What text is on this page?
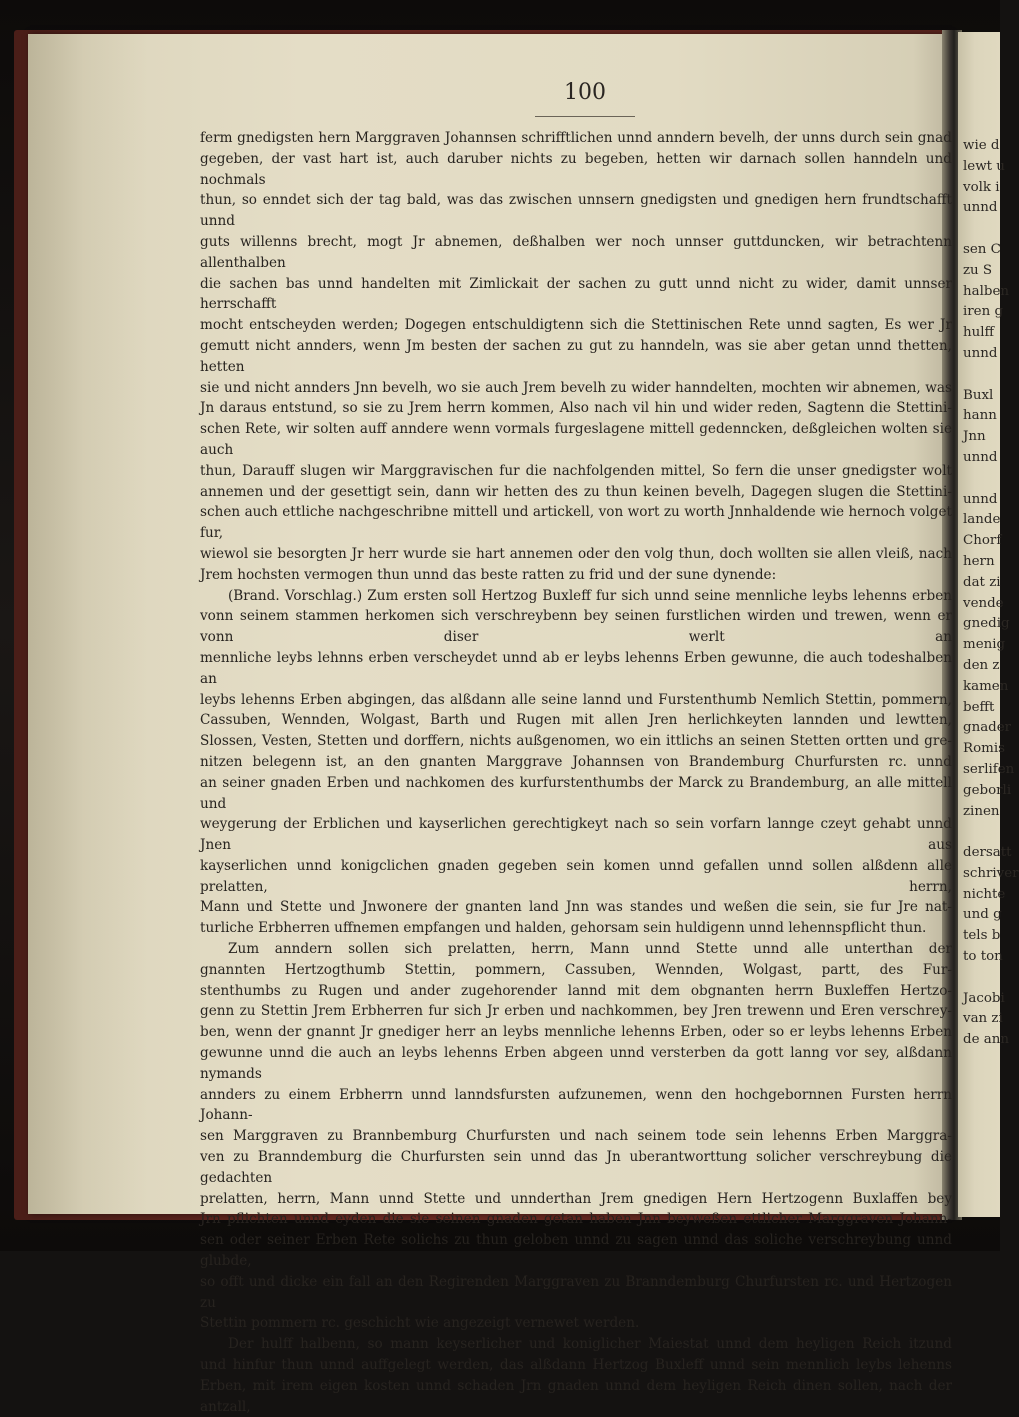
100

ferm gnedigsten hern Marggraven Johannsen schrifftlichen unnd anndern bevelh, der unns durch sein gnad

gegeben, der vast hart ist, auch daruber nichts zu begeben, hetten wir darnach sollen hanndeln und nochmals

thun, so enndet sich der tag bald, was das zwischen unnsern gnedigsten und gnedigen hern frundtschafft unnd

guts willenns brecht, mogt Jr abnemen, deßhalben wer noch unnser guttduncken, wir betrachtenn allenthalben

die sachen bas unnd handelten mit Zimlickait der sachen zu gutt unnd nicht zu wider, damit unnser herrschafft

mocht entscheyden werden; Dogegen entschuldigtenn sich die Stettinischen Rete unnd sagten, Es wer Jr

gemutt nicht annders, wenn Jm besten der sachen zu gut zu hanndeln, was sie aber getan unnd thetten, hetten

sie und nicht annders Jnn bevelh, wo sie auch Jrem bevelh zu wider hanndelten, mochten wir abnemen, was

Jn daraus entstund, so sie zu Jrem herrn kommen, Also nach vil hin und wider reden, Sagtenn die Stettini-

schen Rete, wir solten auff anndere wenn vormals furgeslagene mittell gedenncken, deßgleichen wolten sie auch

thun, Darauff slugen wir Marggravischen fur die nachfolgenden mittel, So fern die unser gnedigster wolt

annemen und der gesettigt sein, dann wir hetten des zu thun keinen bevelh, Dagegen slugen die Stettini-

schen auch ettliche nachgeschribne mittell und artickell, von wort zu worth Jnnhaldende wie hernoch volget fur,

wiewol sie besorgten Jr herr wurde sie hart annemen oder den volg thun, doch wollten sie allen vleiß, nach

Jrem hochsten vermogen thun unnd das beste ratten zu frid und der sune dynende:

(Brand. Vorschlag.) Zum ersten soll Hertzog Buxleff fur sich unnd seine mennliche leybs lehenns erben

vonn seinem stammen herkomen sich verschreybenn bey seinen furstlichen wirden und trewen, wenn er vonn diser werlt an

mennliche leybs lehnns erben verscheydet unnd ab er leybs lehenns Erben gewunne, die auch todeshalben an

leybs lehenns Erben abgingen, das alßdann alle seine lannd und Furstenthumb Nemlich Stettin, pommern,

Cassuben, Wennden, Wolgast, Barth und Rugen mit allen Jren herlichkeyten lannden und lewtten,

Slossen, Vesten, Stetten und dorffern, nichts außgenomen, wo ein ittlichs an seinen Stetten ortten und gre-

nitzen belegenn ist, an den gnanten Marggrave Johannsen von Brandemburg Churfursten rc. unnd

an seiner gnaden Erben und nachkomen des kurfurstenthumbs der Marck zu Brandemburg, an alle mittell und

weygerung der Erblichen und kayserlichen gerechtigkeyt nach so sein vorfarn lannge czeyt gehabt unnd Jnen aus

kayserlichen unnd konigclichen gnaden gegeben sein komen unnd gefallen unnd sollen alßdenn alle prelatten, herrn,

Mann und Stette und Jnwonere der gnanten land Jnn was standes und weßen die sein, sie fur Jre nat-

turliche Erbherren uffnemen empfangen und halden, gehorsam sein huldigenn unnd lehennspflicht thun.

Zum anndern sollen sich prelatten, herrn, Mann unnd Stette unnd alle unterthan der

gnannten Hertzogthumb Stettin, pommern, Cassuben, Wennden, Wolgast, partt, des Fur-

stenthumbs zu Rugen und ander zugehorender lannd mit dem obgnanten herrn Buxleffen Hertzo-

genn zu Stettin Jrem Erbherren fur sich Jr erben und nachkommen, bey Jren trewenn und Eren verschrey-

ben, wenn der gnannt Jr gnediger herr an leybs mennliche lehenns Erben, oder so er leybs lehenns Erben

gewunne unnd die auch an leybs lehenns Erben abgeen unnd versterben da gott lanng vor sey, alßdann nymands

annders zu einem Erbherrn unnd lanndsfursten aufzunemen, wenn den hochgebornnen Fursten herrn Johann-

sen Marggraven zu Brannbemburg Churfursten und nach seinem tode sein lehenns Erben Marggra-

ven zu Branndemburg die Churfursten sein unnd das Jn uberantworttung solicher verschreybung die gedachten

prelatten, herrn, Mann unnd Stette und unnderthan Jrem gnedigen Hern Hertzogenn Buxlaffen bey

Jrn pflichten unnd eyden die sie seinen gnaden getan haben Jnn beyweßen ettlicher Marggraven Johann-

sen oder seiner Erben Rete solichs zu thun geloben unnd zu sagen unnd das soliche verschreybung unnd glubde,

so offt und dicke ein fall an den Regirenden Marggraven zu Branndemburg Churfursten rc. und Hertzogen zu

Stettin pommern rc. geschicht wie angezeigt vernewet werden.

Der hulff halbenn, so mann keyserlicher und koniglicher Maiestat unnd dem heyligen Reich itzund

und hinfur thun unnd auffgelegt werden, das alßdann Hertzog Buxleff unnd sein mennlich leybs lehenns

Erben, mit irem eigen kosten unnd schaden Jrn gnaden unnd dem heyligen Reich dinen sollen, nach der antzall,

wie d
lewt u
volk i
unnd
sen C
zu S
halben
iren g
hulff
unnd
Buxl
hann
Jnn
unnd
unnd
lande
Chorf
hern
dat zi
vende
gnedig
menig
den z
kamen
befft
gnader
Romis
serlifen
geborli
zinen
dersatt
schriver
nichte
und g
tels b
to ton
Jacobi
van zi
de ann
